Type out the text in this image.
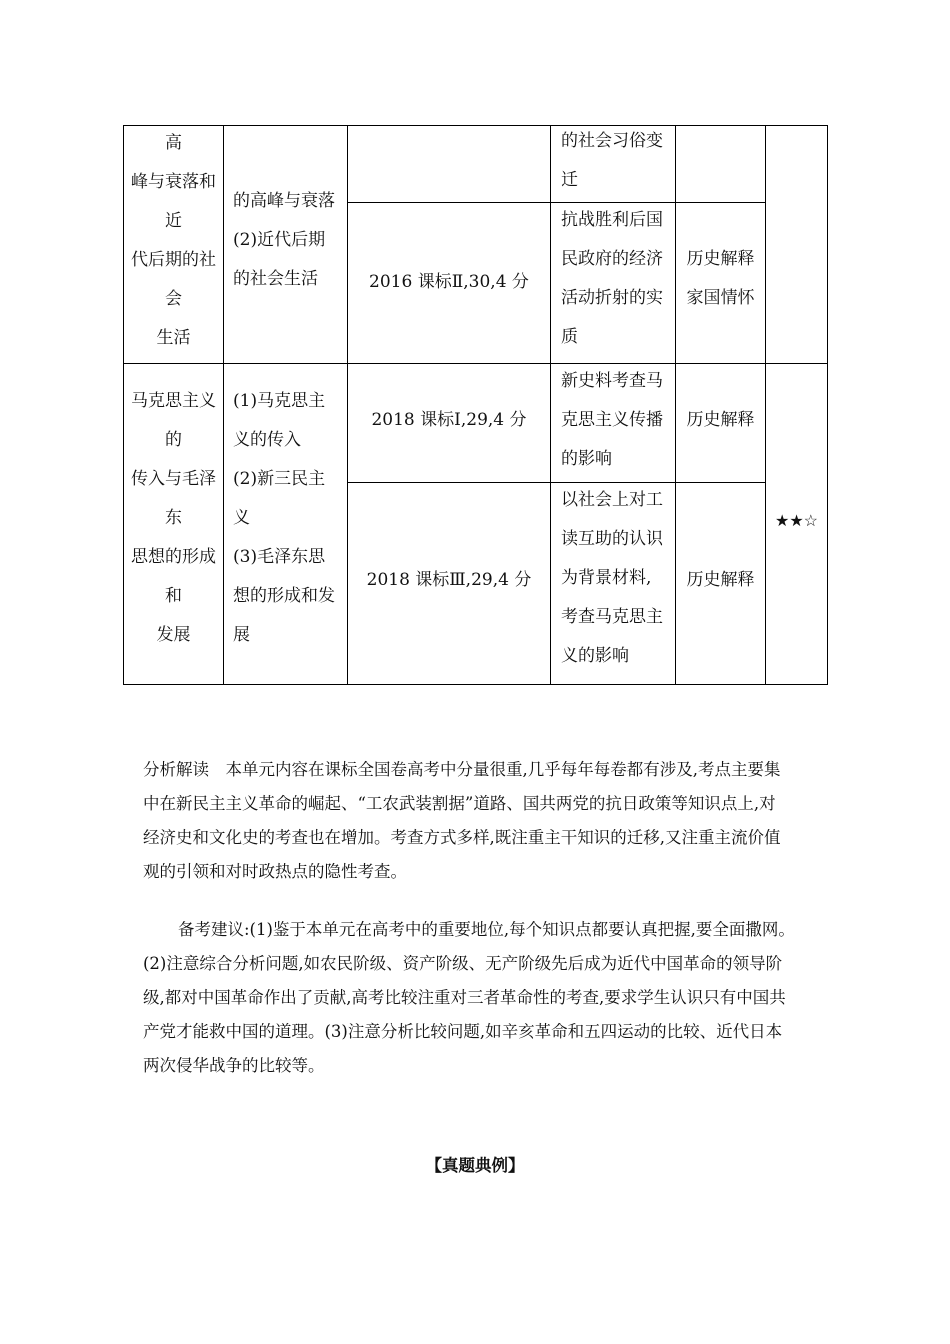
高
峰与衰落和
近
代后期的社
会
生活
的高峰与衰落
(2)近代后期
的社会生活
的社会习俗变
迁
2016 课标Ⅱ,30,4 分
抗战胜利后国
民政府的经济
活动折射的实
质
历史解释
家国情怀
马克思主义
的
传入与毛泽
东
思想的形成
和
发展
(1)马克思主
义的传入
(2)新三民主
义
(3)毛泽东思
想的形成和发
展
2018 课标Ⅰ,29,4 分
新史料考查马
克思主义传播
的影响
历史解释
2018 课标Ⅲ,29,4 分
以社会上对工
读互助的认识
为背景材料,
考查马克思主
义的影响
历史解释
★★☆
分析解读　本单元内容在课标全国卷高考中分量很重,几乎每年每卷都有涉及,考点主要集
中在新民主主义革命的崛起、“工农武装割据”道路、国共两党的抗日政策等知识点上,对
经济史和文化史的考查也在增加。考查方式多样,既注重主干知识的迁移,又注重主流价值
观的引领和对时政热点的隐性考查。
备考建议:(1)鉴于本单元在高考中的重要地位,每个知识点都要认真把握,要全面撒网。
(2)注意综合分析问题,如农民阶级、资产阶级、无产阶级先后成为近代中国革命的领导阶
级,都对中国革命作出了贡献,高考比较注重对三者革命性的考查,要求学生认识只有中国共
产党才能救中国的道理。(3)注意分析比较问题,如辛亥革命和五四运动的比较、近代日本
两次侵华战争的比较等。
【真题典例】
